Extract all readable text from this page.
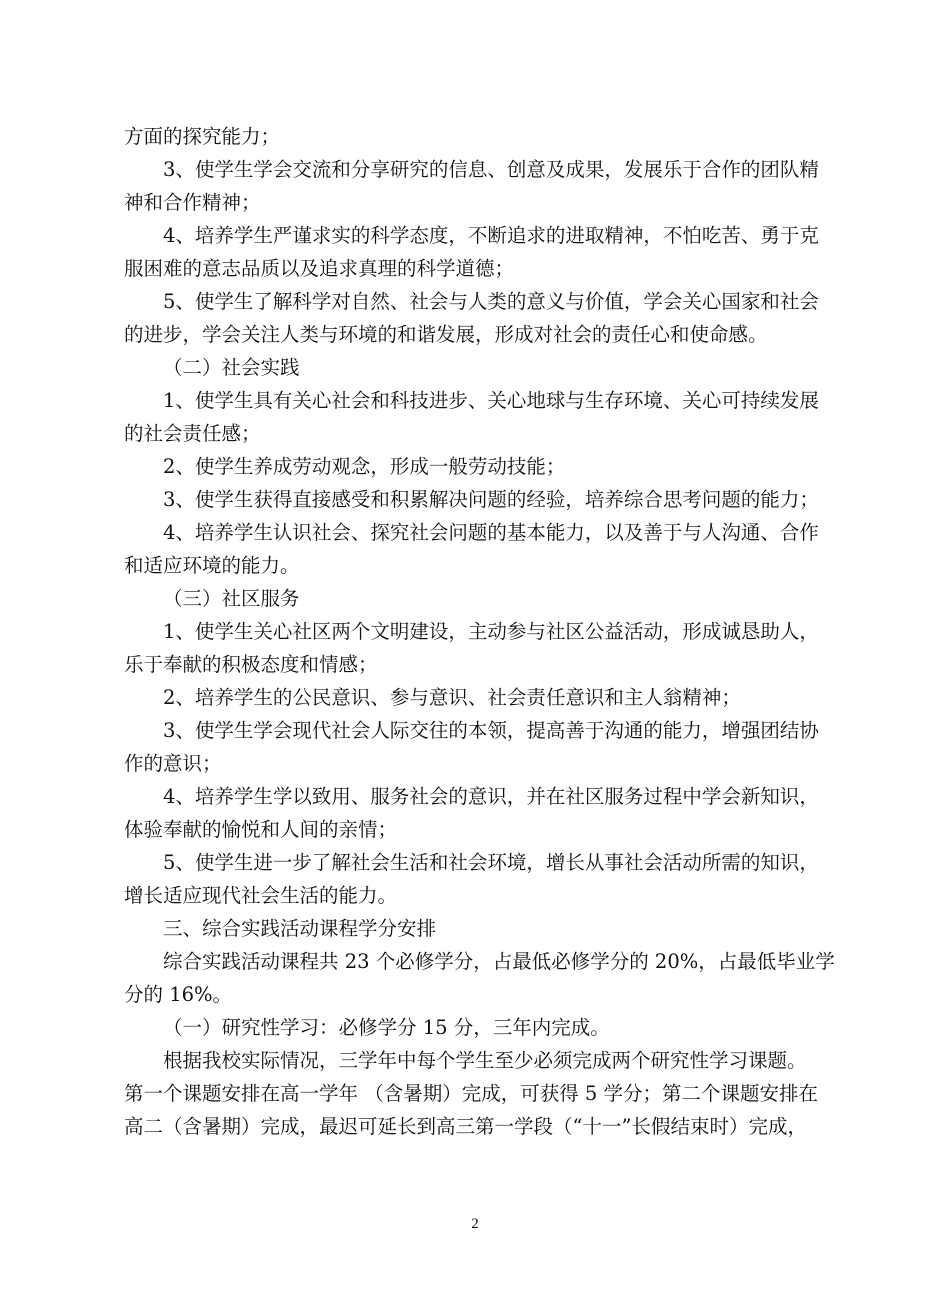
方面的探究能力；
3、使学生学会交流和分享研究的信息、创意及成果，发展乐于合作的团队精
神和合作精神；
4、培养学生严谨求实的科学态度，不断追求的进取精神，不怕吃苦、勇于克
服困难的意志品质以及追求真理的科学道德；
5、使学生了解科学对自然、社会与人类的意义与价值，学会关心国家和社会
的进步，学会关注人类与环境的和谐发展，形成对社会的责任心和使命感。
（二）社会实践
1、使学生具有关心社会和科技进步、关心地球与生存环境、关心可持续发展
的社会责任感；
2、使学生养成劳动观念，形成一般劳动技能；
3、使学生获得直接感受和积累解决问题的经验，培养综合思考问题的能力；
4、培养学生认识社会、探究社会问题的基本能力，以及善于与人沟通、合作
和适应环境的能力。
（三）社区服务
1、使学生关心社区两个文明建设，主动参与社区公益活动，形成诚恳助人，
乐于奉献的积极态度和情感；
2、培养学生的公民意识、参与意识、社会责任意识和主人翁精神；
3、使学生学会现代社会人际交往的本领，提高善于沟通的能力，增强团结协
作的意识；
4、培养学生学以致用、服务社会的意识，并在社区服务过程中学会新知识，
体验奉献的愉悦和人间的亲情；
5、使学生进一步了解社会生活和社会环境，增长从事社会活动所需的知识，
增长适应现代社会生活的能力。
三、综合实践活动课程学分安排
综合实践活动课程共 23 个必修学分，占最低必修学分的 20%，占最低毕业学
分的 16%。
（一）研究性学习：必修学分 15 分，三年内完成。
根据我校实际情况，三学年中每个学生至少必须完成两个研究性学习课题。
第一个课题安排在高一学年 （含暑期）完成，可获得 5 学分；第二个课题安排在
高二（含暑期）完成，最迟可延长到高三第一学段（“十一”长假结束时）完成，
2
